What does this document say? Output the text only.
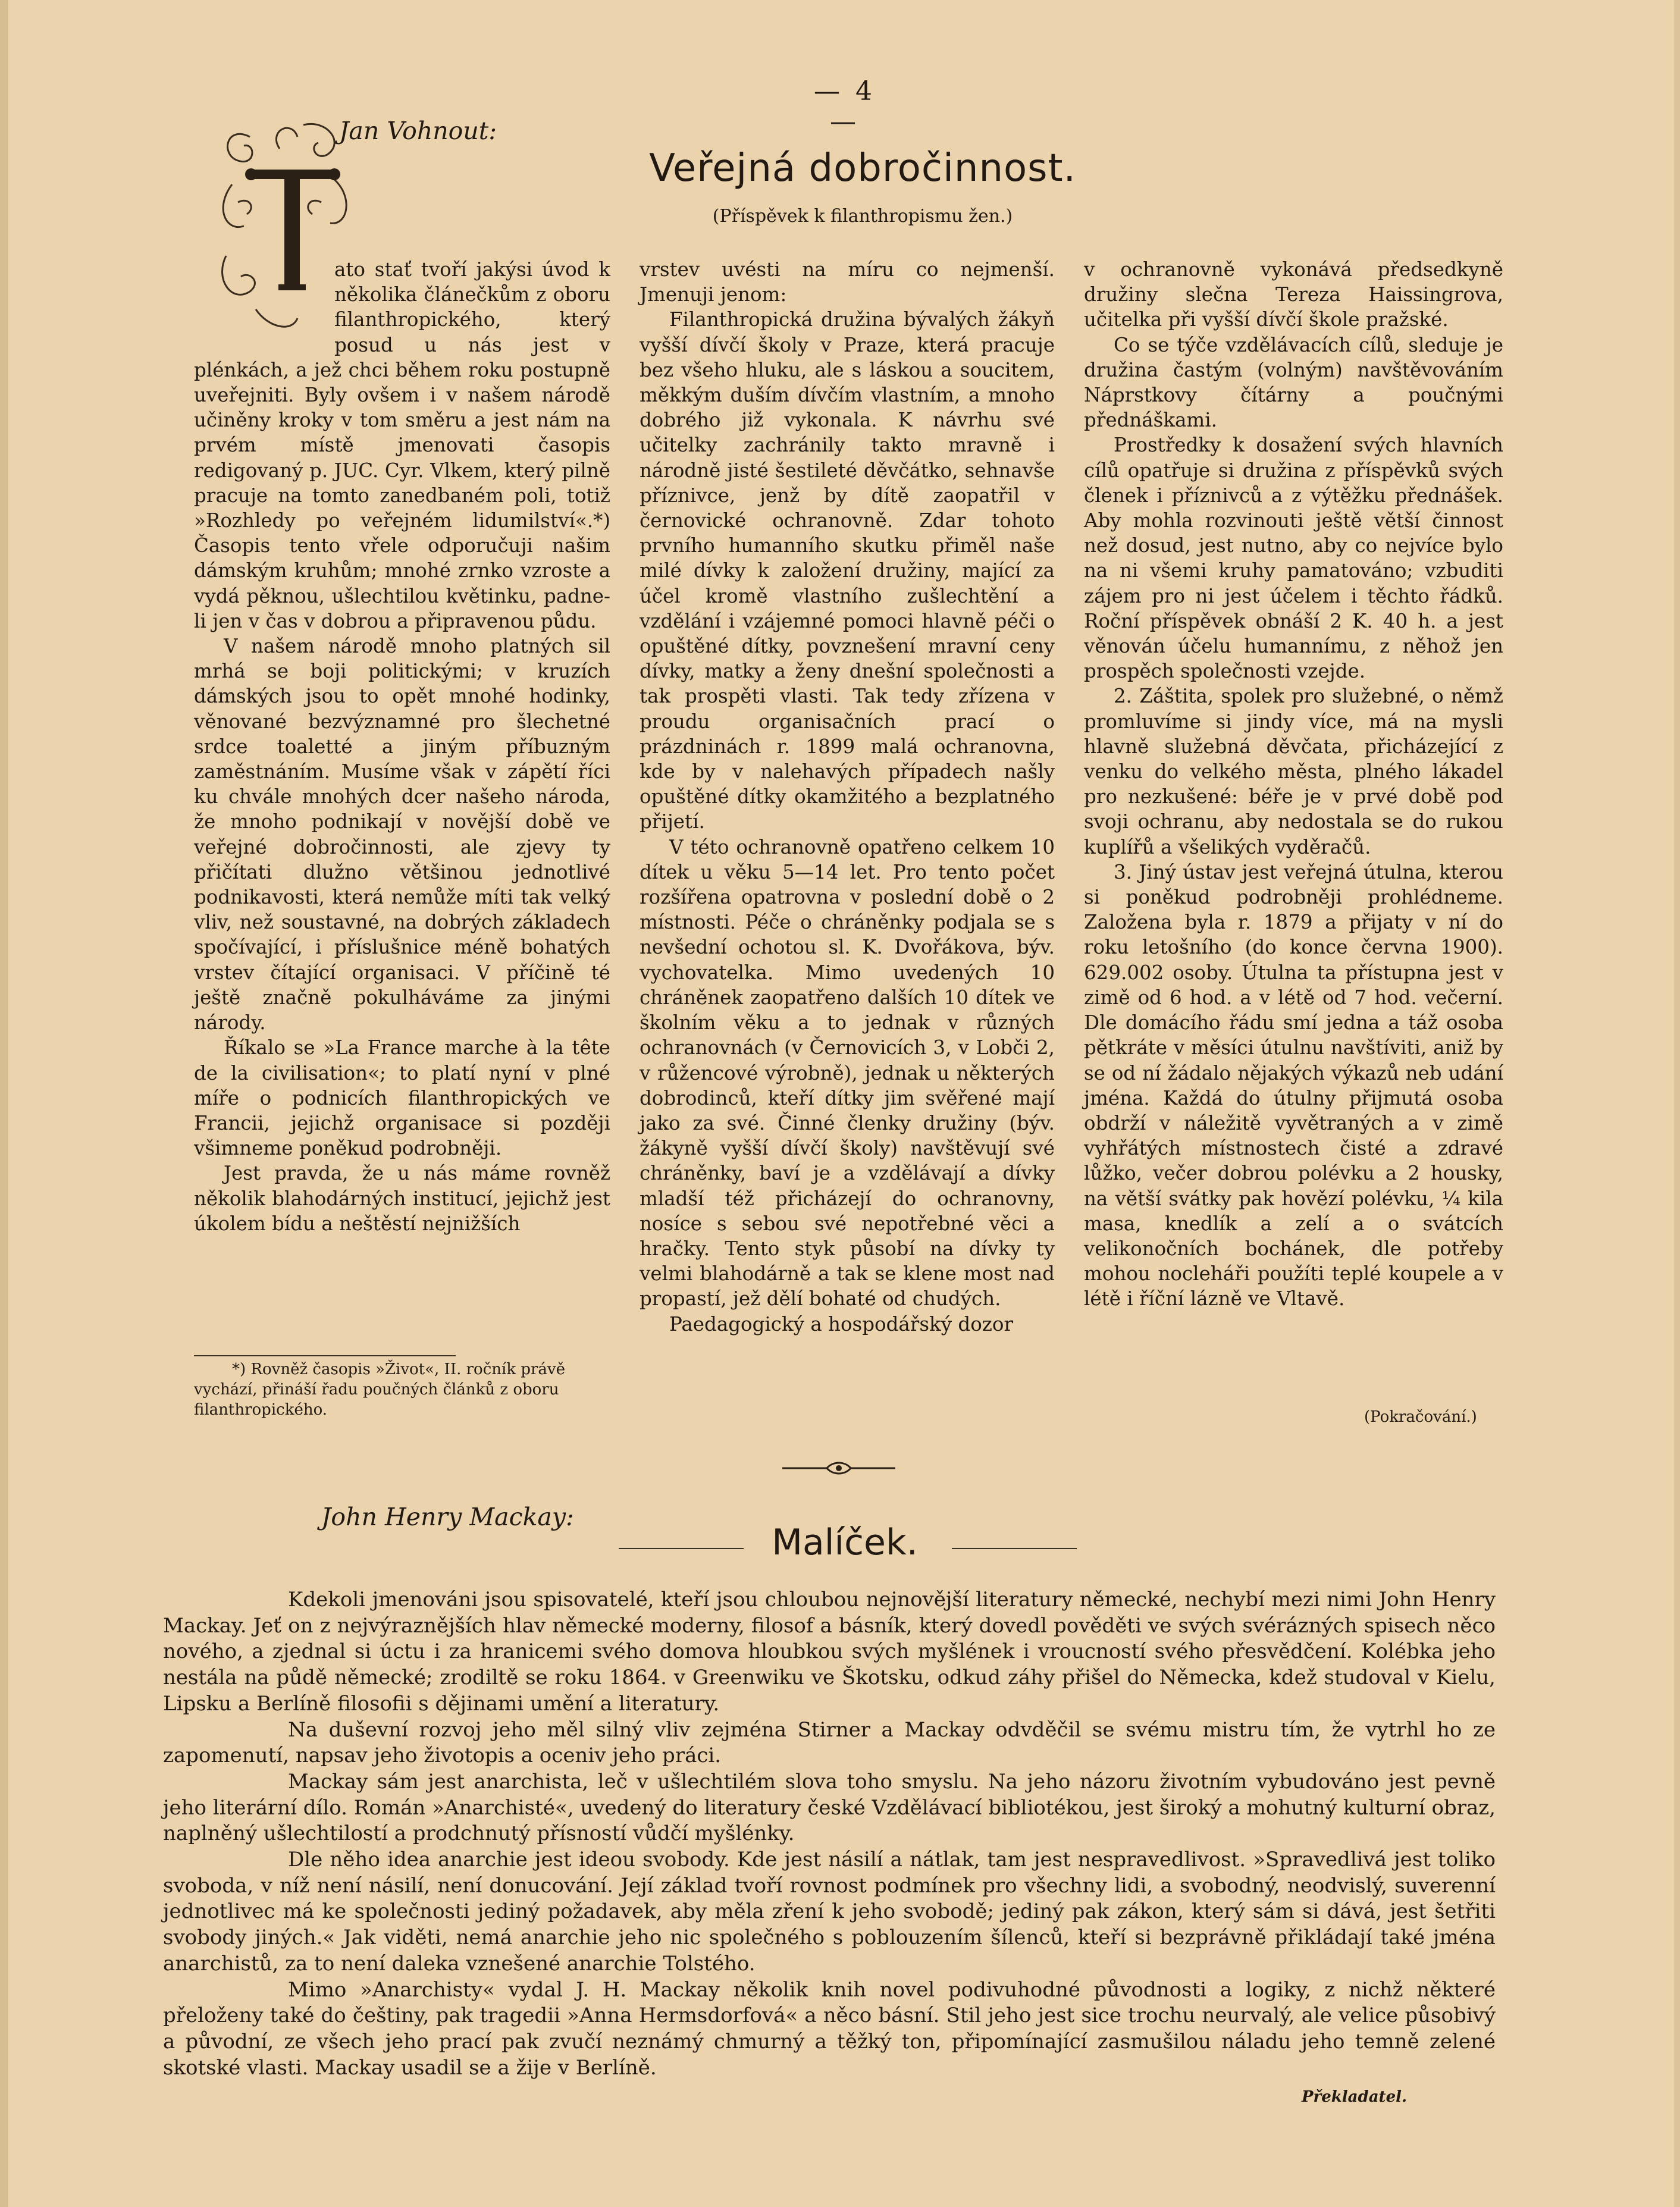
— 4 —
Jan Vohnout:
Veřejná dobročinnost.
(Příspěvek k filanthropismu žen.)

ato stať tvoří jakýsi úvod k několika článečkům z oboru filanthropického, který posud u nás jest v plénkách, a jež chci během roku postupně uveřejniti. Byly ovšem i v našem národě učiněny kroky v tom směru a jest nám na prvém místě jmenovati časopis redigovaný p. JUC. Cyr. Vlkem, který pilně pracuje na tomto zanedbaném poli, totiž »Rozhledy po veřejném lidumilství«.*) Časopis tento vřele odporučuji našim dámským kruhům; mnohé zrnko vzroste a vydá pěknou, ušlechtilou květinku, padne-li jen v čas v dobrou a připravenou půdu.

V našem národě mnoho platných sil mrhá se boji politickými; v kruzích dámských jsou to opět mnohé hodinky, věnované bezvýznamné pro šlechetné srdce toaletté a jiným příbuzným zaměstnáním. Musíme však v zápětí říci ku chvále mnohých dcer našeho národa, že mnoho podnikají v novější době ve veřejné dobročinnosti, ale zjevy ty přičítati dlužno většinou jednotlivé podnikavosti, která nemůže míti tak velký vliv, než soustavné, na dobrých základech spočívající, i příslušnice méně bohatých vrstev čítající organisaci. V příčině té ještě značně pokulháváme za jinými národy.

Říkalo se »La France marche à la tête de la civilisation«; to platí nyní v plné míře o podnicích filanthropických ve Francii, jejichž organisace si později všimneme poněkud podrobněji.

Jest pravda, že u nás máme rovněž několik blahodárných institucí, jejichž jest úkolem bídu a neštěstí nejnižších

vrstev uvésti na míru co nejmenší. Jmenuji jenom:

Filanthropická družina bývalých žákyň vyšší dívčí školy v Praze, která pracuje bez všeho hluku, ale s láskou a soucitem, měkkým duším dívčím vlastním, a mnoho dobrého již vykonala. K návrhu své učitelky zachránily takto mravně i národně jisté šestileté děvčátko, sehnavše příznivce, jenž by dítě zaopatřil v černovické ochranovně. Zdar tohoto prvního humanního skutku přiměl naše milé dívky k založení družiny, mající za účel kromě vlastního zušlechtění a vzdělání i vzájemné pomoci hlavně péči o opuštěné dítky, povznešení mravní ceny dívky, matky a ženy dnešní společnosti a tak prospěti vlasti. Tak tedy zřízena v proudu organisačních prací o prázdninách r. 1899 malá ochranovna, kde by v nalehavých případech našly opuštěné dítky okamžitého a bezplatného přijetí.

V této ochranovně opatřeno celkem 10 dítek u věku 5—14 let. Pro tento počet rozšířena opatrovna v poslední době o 2 místnosti. Péče o chráněnky podjala se s nevšední ochotou sl. K. Dvořákova, býv. vychovatelka. Mimo uvedených 10 chráněnek zaopatřeno dalších 10 dítek ve školním věku a to jednak v různých ochranovnách (v Černovicích 3, v Lobči 2, v růžencové výrobně), jednak u některých dobrodinců, kteří dítky jim svěřené mají jako za své. Činné členky družiny (býv. žákyně vyšší dívčí školy) navštěvují své chráněnky, baví je a vzdělávají a dívky mladší též přicházejí do ochranovny, nosíce s sebou své nepotřebné věci a hračky. Tento styk působí na dívky ty velmi blahodárně a tak se klene most nad propastí, jež dělí bohaté od chudých.

Paedagogický a hospodářský dozor

v ochranovně vykonává předsedkyně družiny slečna Tereza Haissingrova, učitelka při vyšší dívčí škole pražské.

Co se týče vzdělávacích cílů, sleduje je družina častým (volným) navštěvováním Náprstkovy čítárny a poučnými přednáškami.

Prostředky k dosažení svých hlavních cílů opatřuje si družina z příspěvků svých členek i příznivců a z výtěžku přednášek. Aby mohla rozvinouti ještě větší činnost než dosud, jest nutno, aby co nejvíce bylo na ni všemi kruhy pamatováno; vzbuditi zájem pro ni jest účelem i těchto řádků. Roční příspěvek obnáší 2 K. 40 h. a jest věnován účelu humannímu, z něhož jen prospěch společnosti vzejde.

2. Záštita, spolek pro služebné, o němž promluvíme si jindy více, má na mysli hlavně služebná děvčata, přicházející z venku do velkého města, plného lákadel pro nezkušené: béře je v prvé době pod svoji ochranu, aby nedostala se do rukou kuplířů a všelikých vyděračů.

3. Jiný ústav jest veřejná útulna, kterou si poněkud podrobněji prohlédneme. Založena byla r. 1879 a přijaty v ní do roku letošního (do konce června 1900). 629.002 osoby. Útulna ta přístupna jest v zimě od 6 hod. a v létě od 7 hod. večerní. Dle domácího řádu smí jedna a táž osoba pětkráte v měsíci útulnu navštíviti, aniž by se od ní žádalo nějakých výkazů neb udání jména. Každá do útulny přijmutá osoba obdrží v náležitě vyvětraných a v zimě vyhřátých místnostech čisté a zdravé lůžko, večer dobrou polévku a 2 housky, na větší svátky pak hovězí polévku, ¼ kila masa, knedlík a zelí a o svátcích velikonočních bochánek, dle potřeby mohou nocleháři použíti teplé koupele a v létě i říční lázně ve Vltavě.

(Pokračování.)

*) Rovněž časopis »Život«, II. ročník právě vychází, přináší řadu poučných článků z oboru filanthropického.

John Henry Mackay:
Malíček.

Kdekoli jmenováni jsou spisovatelé, kteří jsou chloubou nejnovější literatury německé, nechybí mezi nimi John Henry Mackay. Jeť on z nejvýraznějších hlav německé moderny, filosof a básník, který dovedl pověděti ve svých svérázných spisech něco nového, a zjednal si úctu i za hranicemi svého domova hloubkou svých myšlének i vroucností svého přesvědčení. Kolébka jeho nestála na půdě německé; zrodiltě se roku 1864. v Greenwiku ve Škotsku, odkud záhy přišel do Německa, kdež studoval v Kielu, Lipsku a Berlíně filosofii s dějinami umění a literatury.

Na duševní rozvoj jeho měl silný vliv zejména Stirner a Mackay odvděčil se svému mistru tím, že vytrhl ho ze zapomenutí, napsav jeho životopis a oceniv jeho práci.

Mackay sám jest anarchista, leč v ušlechtilém slova toho smyslu. Na jeho názoru životním vybudováno jest pevně jeho literární dílo. Román »Anarchisté«, uvedený do literatury české Vzdělávací bibliotékou, jest široký a mohutný kulturní obraz, naplněný ušlechtilostí a prodchnutý přísností vůdčí myšlénky.

Dle něho idea anarchie jest ideou svobody. Kde jest násilí a nátlak, tam jest nespravedlivost. »Spravedlivá jest toliko svoboda, v níž není násilí, není donucování. Její základ tvoří rovnost podmínek pro všechny lidi, a svobodný, neodvislý, suverenní jednotlivec má ke společnosti jediný požadavek, aby měla zření k jeho svobodě; jediný pak zákon, který sám si dává, jest šetřiti svobody jiných.« Jak viděti, nemá anarchie jeho nic společného s poblouzením šílenců, kteří si bezprávně přikládají také jména anarchistů, za to není daleka vznešené anarchie Tolstého.

Mimo »Anarchisty« vydal J. H. Mackay několik knih novel podivuhodné původnosti a logiky, z nichž některé přeloženy také do češtiny, pak tragedii »Anna Hermsdorfová« a něco básní. Stil jeho jest sice trochu neurvalý, ale velice působivý a původní, ze všech jeho prací pak zvučí neznámý chmurný a těžký ton, připomínající zasmušilou náladu jeho temně zelené skotské vlasti. Mackay usadil se a žije v Berlíně.

Překladatel.
